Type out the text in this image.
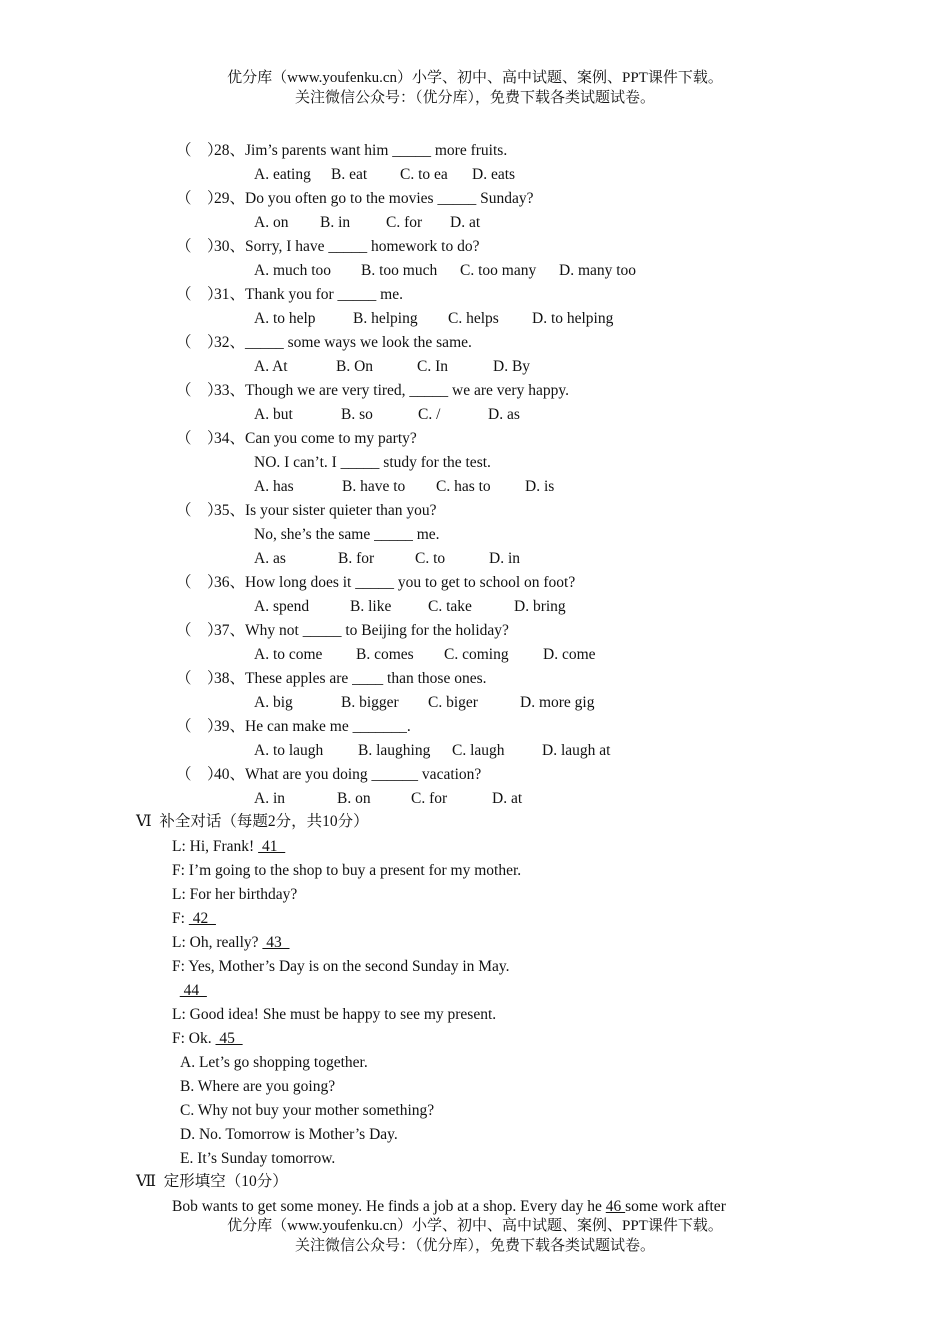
优分库（www.youfenku.cn）小学、初中、高中试题、案例、PPT课件下载。
关注微信公众号：（优分库），免费下载各类试题试卷。
（    ）28、Jim’s parents want him _____ more fruits.
A. eating B. eat C. to ea D. eats
（    ）29、Do you often go to the movies _____ Sunday?
A. on B. in C. for D. at
（    ）30、Sorry, I have _____ homework to do?
A. much too B. too much C. too many D. many too
（    ）31、Thank you for _____ me.
A. to help B. helping C. helps D. to helping
（    ）32、_____ some ways we look the same.
A. At	B. On	C. In	D. By
（    ）33、Though we are very tired, _____ we are very happy.
A. but	B. so	C. /	D. as
（    ）34、Can you come to my party?
NO. I can’t. I _____ study for the test.
A. has	B. have to C. has to D. is
（    ）35、Is your sister quieter than you?
No, she’s the same _____ me.
A. as	B. for	C. to	D. in
（    ）36、How long does it _____ you to get to school on foot?
A. spend	B. like C. take	D. bring
（    ）37、Why not _____ to Beijing for the holiday?
A. to come B. comes C. coming D. come
（    ）38、These apples are ____ than those ones.
A. big	B. bigger C. biger	D. more gig
（    ）39、He can make me _______.
A. to laugh B. laughing C. laugh D. laugh at
（    ）40、What are you doing ______ vacation?
A. in	B. on	C. for	D. at
Ⅵ  补全对话（每题2分，共10分）
L: Hi, Frank!  41
F: I’m going to the shop to buy a present for my mother.
L: For her birthday?
F:  42
L: Oh, really?  43
F: Yes, Mother’s Day is on the second Sunday in May.
44
L: Good idea! She must be happy to see my present.
F: Ok.  45
A. Let’s go shopping together.
B. Where are you going?
C. Why not buy your mother something?
D. No. Tomorrow is Mother’s Day.
E. It’s Sunday tomorrow.
Ⅶ  定形填空（10分）
Bob wants to get some money. He finds a job at a shop. Every day he 46 some work after
优分库（www.youfenku.cn）小学、初中、高中试题、案例、PPT课件下载。
关注微信公众号：（优分库），免费下载各类试题试卷。
